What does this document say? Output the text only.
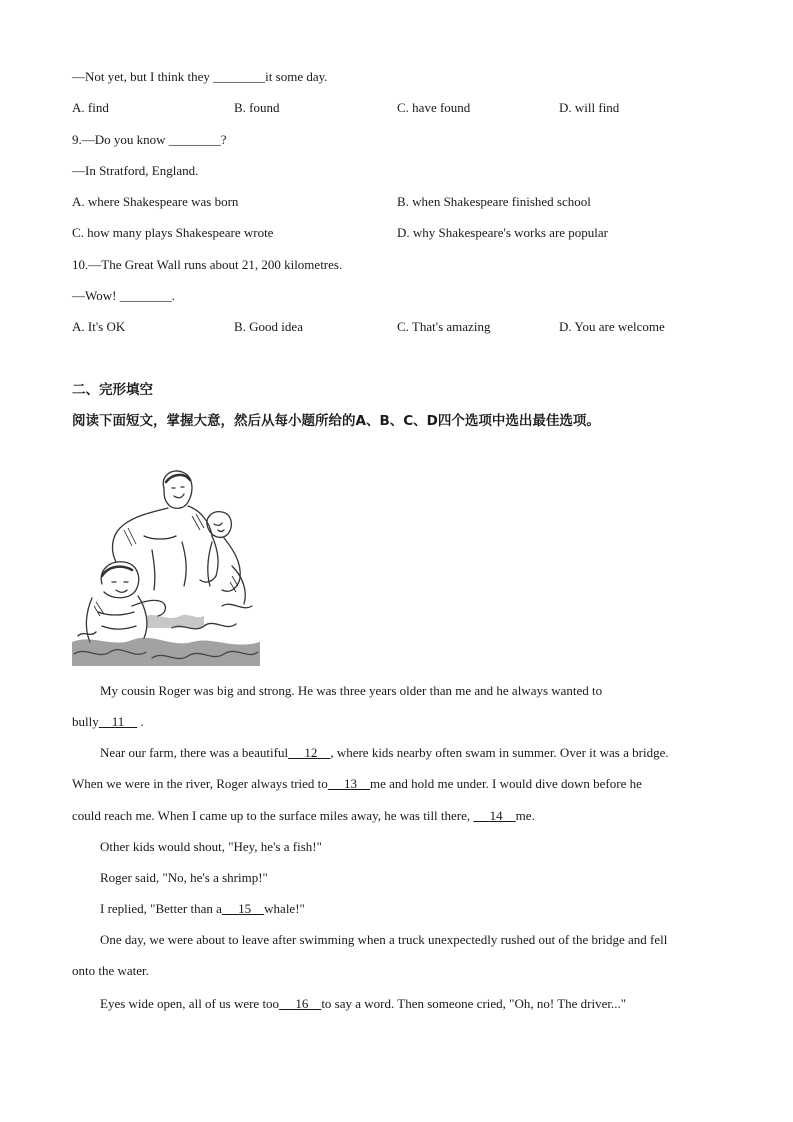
—Not yet, but I think they ________it some day.
A. find	B. found	C. have found	D. will find
9.—Do you know ________?
—In Stratford, England.
A. where Shakespeare was born	B. when Shakespeare finished school
C. how many plays Shakespeare wrote	D. why Shakespeare's works are popular
10.—The Great Wall runs about 21, 200 kilometres.
—Wow! ________.
A. It's OK	B. Good idea	C. That's amazing	D. You are welcome
二、完形填空
阅读下面短文，掌握大意，然后从每小题所给的A、B、C、D四个选项中选出最佳选项。
My cousin Roger was big and strong. He was three years older than me and he always wanted to
bully 11 .
Near our farm, there was a beautiful 12 , where kids nearby often swam in summer. Over it was a bridge.
When we were in the river, Roger always tried to 13 me and hold me under. I would dive down before he
could reach me. When I came up to the surface miles away, he was till there, 14 me.
Other kids would shout, "Hey, he's a fish!"
Roger said, "No, he's a shrimp!"
I replied, "Better than a 15 whale!"
One day, we were about to leave after swimming when a truck unexpectedly rushed out of the bridge and fell
onto the water.
Eyes wide open, all of us were too 16 to say a word. Then someone cried, "Oh, no! The driver..."
